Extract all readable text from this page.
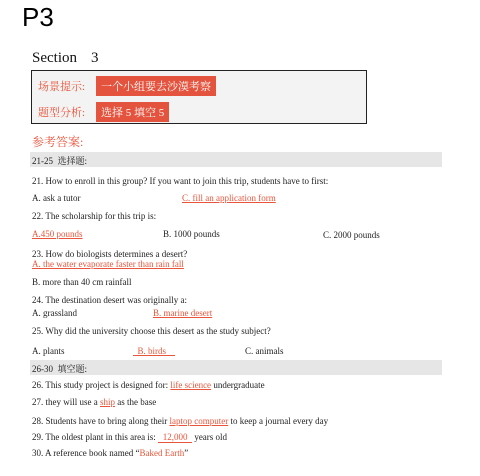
P3
Section 3
场景提示:	一个小组要去沙漠考察
题型分析:	选择 5 填空 5
参考答案:
21-25 选择题:
21. How to enroll in this group? If you want to join this trip, students have to first:
A. ask a tutor	C. fill an application form
22. The scholarship for this trip is:
A.450 pounds	B. 1000 pounds	C. 2000 pounds
23. How do biologists determines a desert?
A. the water evaporate faster than rain fall
B. more than 40 cm rainfall
24. The destination desert was originally a:
A. grassland	B. marine desert
25. Why did the university choose this desert as the study subject?
A. plants	B. birds	C. animals
26-30 填空题:
26. This study project is designed for: life science undergraduate
27. they will use a ship as the base
28. Students have to bring along their laptop computer to keep a journal every day
29. The oldest plant in this area is: 12,000 years old
30. A reference book named “Baked Earth”
